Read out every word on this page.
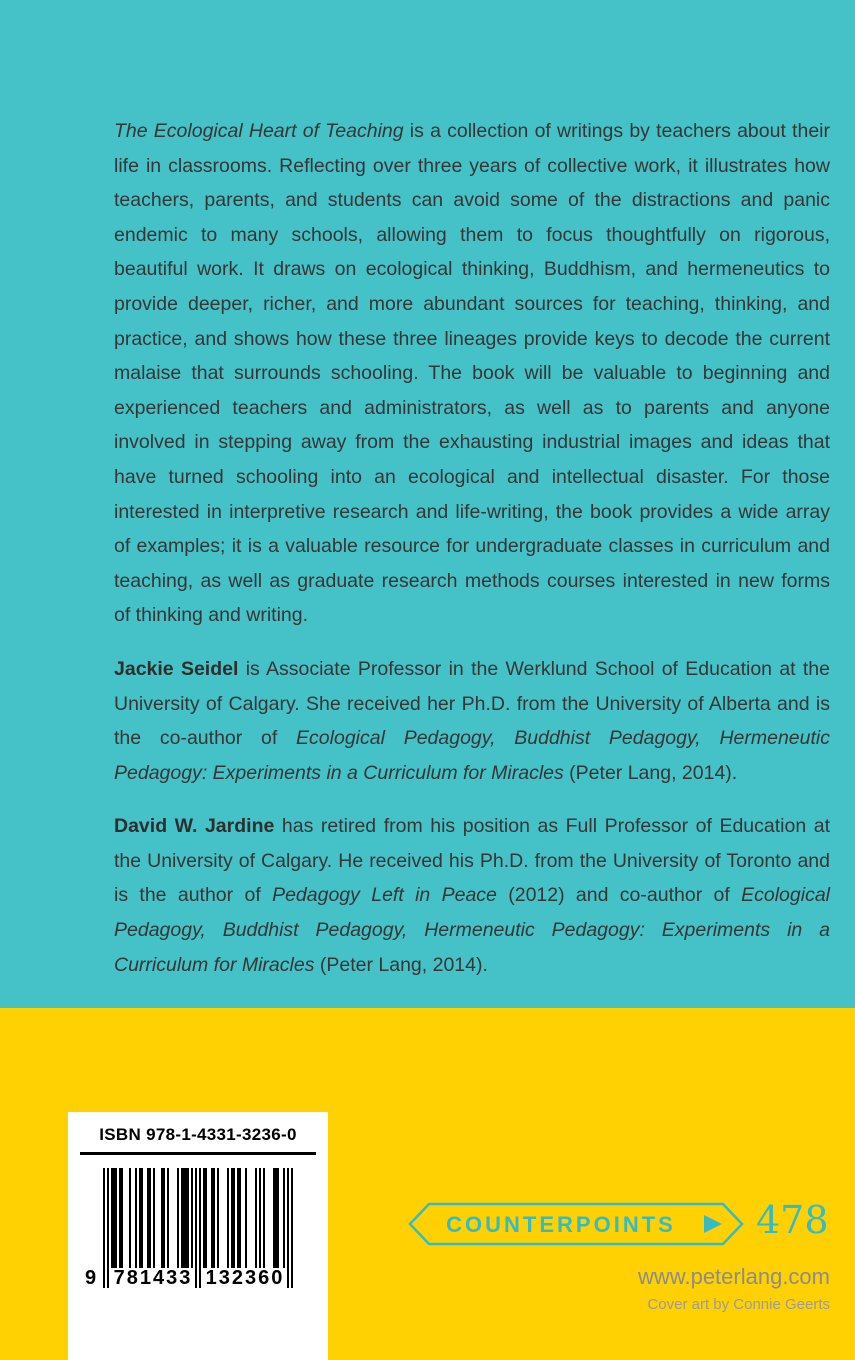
The Ecological Heart of Teaching is a collection of writings by teachers about their life in classrooms. Reflecting over three years of collective work, it illustrates how teachers, parents, and students can avoid some of the distractions and panic endemic to many schools, allowing them to focus thoughtfully on rigorous, beautiful work. It draws on ecological thinking, Buddhism, and hermeneutics to provide deeper, richer, and more abundant sources for teaching, thinking, and practice, and shows how these three lineages provide keys to decode the current malaise that surrounds schooling. The book will be valuable to beginning and experienced teachers and administrators, as well as to parents and anyone involved in stepping away from the exhausting industrial images and ideas that have turned schooling into an ecological and intellectual disaster. For those interested in interpretive research and life-writing, the book provides a wide array of examples; it is a valuable resource for undergraduate classes in curriculum and teaching, as well as graduate research methods courses interested in new forms of thinking and writing.

Jackie Seidel is Associate Professor in the Werklund School of Education at the University of Calgary. She received her Ph.D. from the University of Alberta and is the co-author of Ecological Pedagogy, Buddhist Pedagogy, Hermeneutic Pedagogy: Experiments in a Curriculum for Miracles (Peter Lang, 2014).

David W. Jardine has retired from his position as Full Professor of Education at the University of Calgary. He received his Ph.D. from the University of Toronto and is the author of Pedagogy Left in Peace (2012) and co-author of Ecological Pedagogy, Buddhist Pedagogy, Hermeneutic Pedagogy: Experiments in a Curriculum for Miracles (Peter Lang, 2014).

ISBN 978-1-4331-3236-0
9 781433 132360
COUNTERPOINTS 478
www.peterlang.com
Cover art by Connie Geerts
